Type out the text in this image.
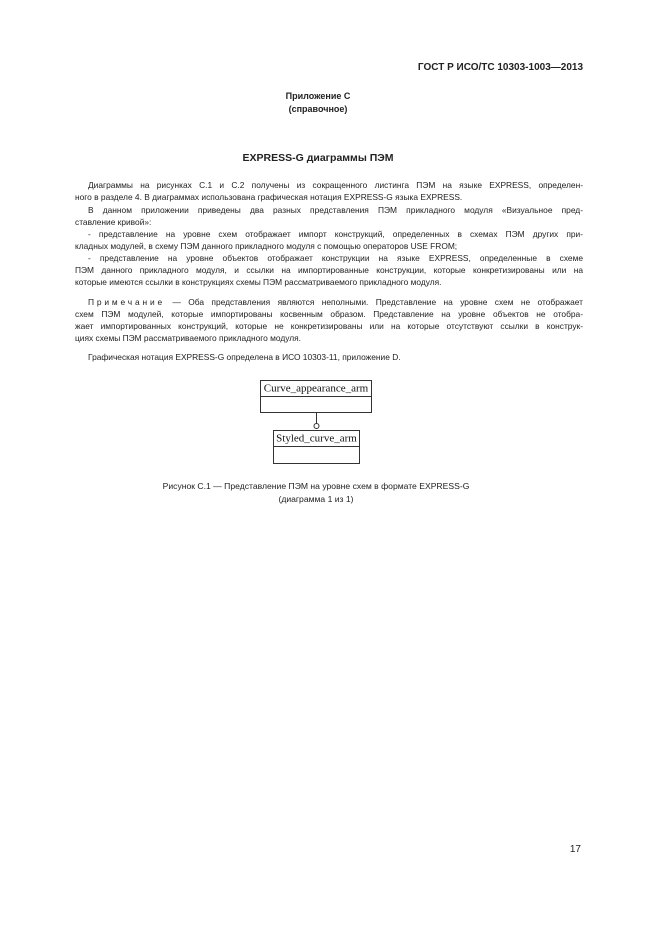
ГОСТ Р ИСО/ТС 10303-1003—2013
Приложение С
(справочное)
EXPRESS-G диаграммы ПЭМ
Диаграммы на рисунках С.1 и С.2 получены из сокращенного листинга ПЭМ на языке EXPRESS, определен-
ного в разделе 4. В диаграммах использована графическая нотация EXPRESS-G языка EXPRESS.
В данном приложении приведены два разных представления ПЭМ прикладного модуля «Визуальное пред-
ставление кривой»:
- представление на уровне схем отображает импорт конструкций, определенных в схемах ПЭМ других при-
кладных модулей, в схему ПЭМ данного прикладного модуля с помощью операторов USE FROM;
- представление на уровне объектов отображает конструкции на языке EXPRESS, определенные в схеме
ПЭМ данного прикладного модуля, и ссылки на импортированные конструкции, которые конкретизированы или на
которые имеются ссылки в конструкциях схемы ПЭМ рассматриваемого прикладного модуля.
Примечание — Оба представления являются неполными. Представление на уровне схем не отображает
схем ПЭМ модулей, которые импортированы косвенным образом. Представление на уровне объектов не отобра-
жает импортированных конструкций, которые не конкретизированы или на которые отсутствуют ссылки в конструк-
циях схемы ПЭМ рассматриваемого прикладного модуля.
Графическая нотация EXPRESS-G определена в ИСО 10303-11, приложение D.
Curve_appearance_arm
Styled_curve_arm
Рисунок С.1 — Представление ПЭМ на уровне схем в формате EXPRESS-G
(диаграмма 1 из 1)
17
